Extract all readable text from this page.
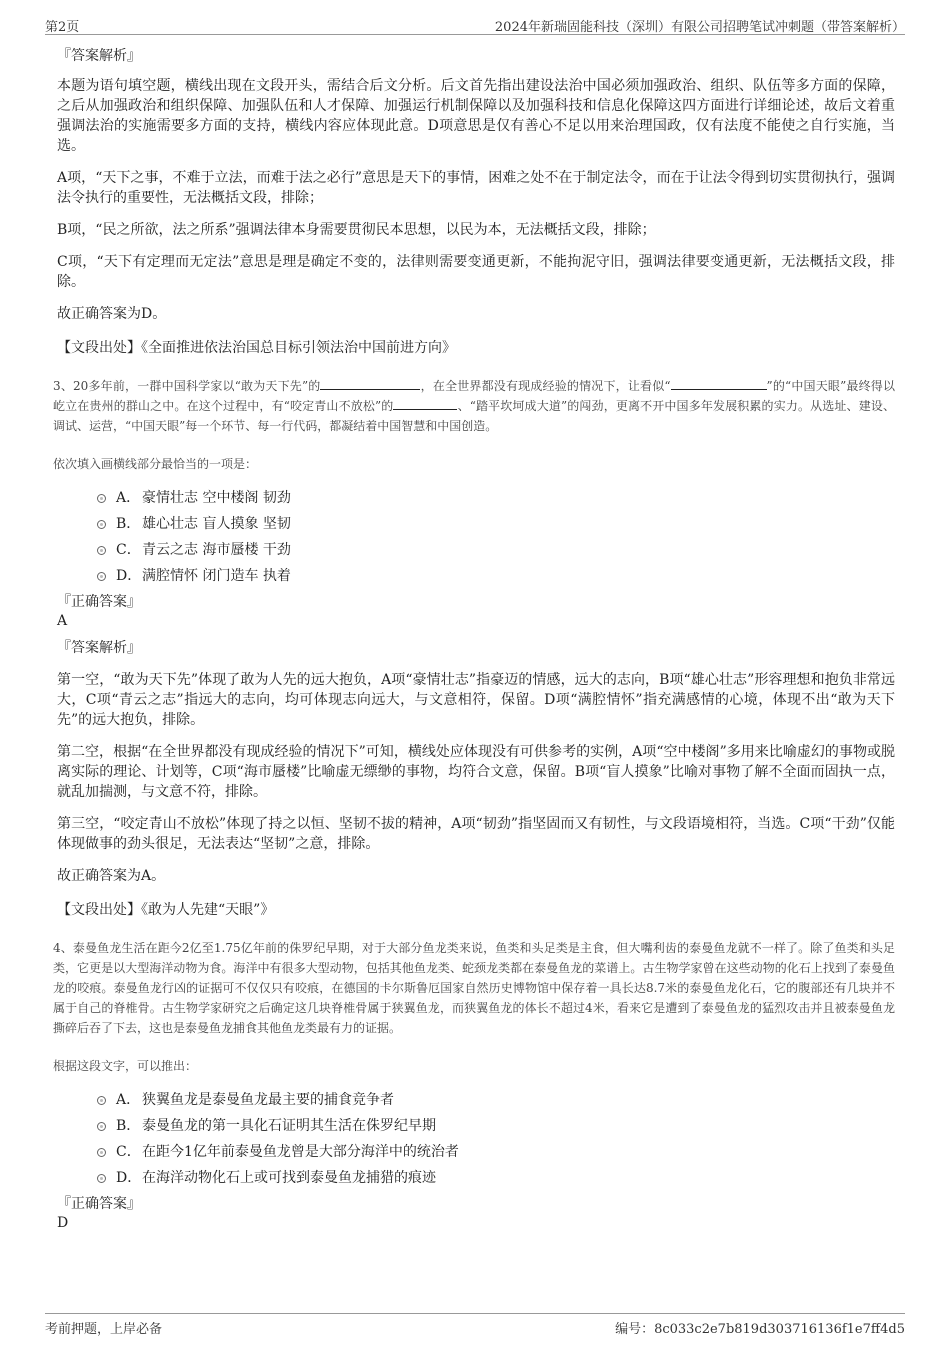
第2页	2024年新瑞固能科技（深圳）有限公司招聘笔试冲刺题（带答案解析）
『答案解析』

本题为语句填空题，横线出现在文段开头，需结合后文分析。后文首先指出建设法治中国必须加强政治、组织、队伍等多方面的保障，之后从加强政治和组织保障、加强队伍和人才保障、加强运行机制保障以及加强科技和信息化保障这四方面进行详细论述，故后文着重强调法治的实施需要多方面的支持，横线内容应体现此意。D项意思是仅有善心不足以用来治理国政，仅有法度不能使之自行实施，当选。

A项，“天下之事，不难于立法，而难于法之必行”意思是天下的事情，困难之处不在于制定法令，而在于让法令得到切实贯彻执行，强调法令执行的重要性，无法概括文段，排除；

B项，“民之所欲，法之所系”强调法律本身需要贯彻民本思想，以民为本，无法概括文段，排除；

C项，“天下有定理而无定法”意思是理是确定不变的，法律则需要变通更新，不能拘泥守旧，强调法律要变通更新，无法概括文段，排除。

故正确答案为D。

【文段出处】《全面推进依法治国总目标引领法治中国前进方向》
3、20多年前，一群中国科学家以“敢为天下先”的	，在全世界都没有现成经验的情况下，让看似“	”的“中国天眼”最终得以屹立在贵州的群山之中。在这个过程中，有“咬定青山不放松”的	、“踏平坎坷成大道”的闯劲，更离不开中国多年发展积累的实力。从选址、建设、调试、运营，“中国天眼”每一个环节、每一行代码，都凝结着中国智慧和中国创造。
依次填入画横线部分最恰当的一项是：
A． 豪情壮志 空中楼阁 韧劲
B． 雄心壮志 盲人摸象 坚韧
C． 青云之志 海市蜃楼 干劲
D． 满腔情怀 闭门造车 执着
『正确答案』
A
『答案解析』

第一空，“敢为天下先”体现了敢为人先的远大抱负，A项“豪情壮志”指豪迈的情感，远大的志向，B项“雄心壮志”形容理想和抱负非常远大，C项“青云之志”指远大的志向，均可体现志向远大，与文意相符，保留。D项“满腔情怀”指充满感情的心境，体现不出“敢为天下先”的远大抱负，排除。

第二空，根据“在全世界都没有现成经验的情况下”可知，横线处应体现没有可供参考的实例，A项“空中楼阁”多用来比喻虚幻的事物或脱离实际的理论、计划等，C项“海市蜃楼”比喻虚无缥缈的事物，均符合文意，保留。B项“盲人摸象”比喻对事物了解不全面而固执一点，就乱加揣测，与文意不符，排除。

第三空，“咬定青山不放松”体现了持之以恒、坚韧不拔的精神，A项“韧劲”指坚固而又有韧性，与文段语境相符，当选。C项“干劲”仅能体现做事的劲头很足，无法表达“坚韧”之意，排除。

故正确答案为A。

【文段出处】《敢为人先建“天眼”》
4、泰曼鱼龙生活在距今2亿至1.75亿年前的侏罗纪早期，对于大部分鱼龙类来说，鱼类和头足类是主食，但大嘴利齿的泰曼鱼龙就不一样了。除了鱼类和头足类，它更是以大型海洋动物为食。海洋中有很多大型动物，包括其他鱼龙类、蛇颈龙类都在泰曼鱼龙的菜谱上。古生物学家曾在这些动物的化石上找到了泰曼鱼龙的咬痕。泰曼鱼龙行凶的证据可不仅仅只有咬痕，在德国的卡尔斯鲁厄国家自然历史博物馆中保存着一具长达8.7米的泰曼鱼龙化石，它的腹部还有几块并不属于自己的脊椎骨。古生物学家研究之后确定这几块脊椎骨属于狭翼鱼龙，而狭翼鱼龙的体长不超过4米，看来它是遭到了泰曼鱼龙的猛烈攻击并且被泰曼鱼龙撕碎后吞了下去，这也是泰曼鱼龙捕食其他鱼龙类最有力的证据。
根据这段文字，可以推出：
A． 狭翼鱼龙是泰曼鱼龙最主要的捕食竞争者
B． 泰曼鱼龙的第一具化石证明其生活在侏罗纪早期
C． 在距今1亿年前泰曼鱼龙曾是大部分海洋中的统治者
D． 在海洋动物化石上或可找到泰曼鱼龙捕猎的痕迹
『正确答案』
D
考前押题，上岸必备	编号：8c033c2e7b819d303716136f1e7ff4d5
